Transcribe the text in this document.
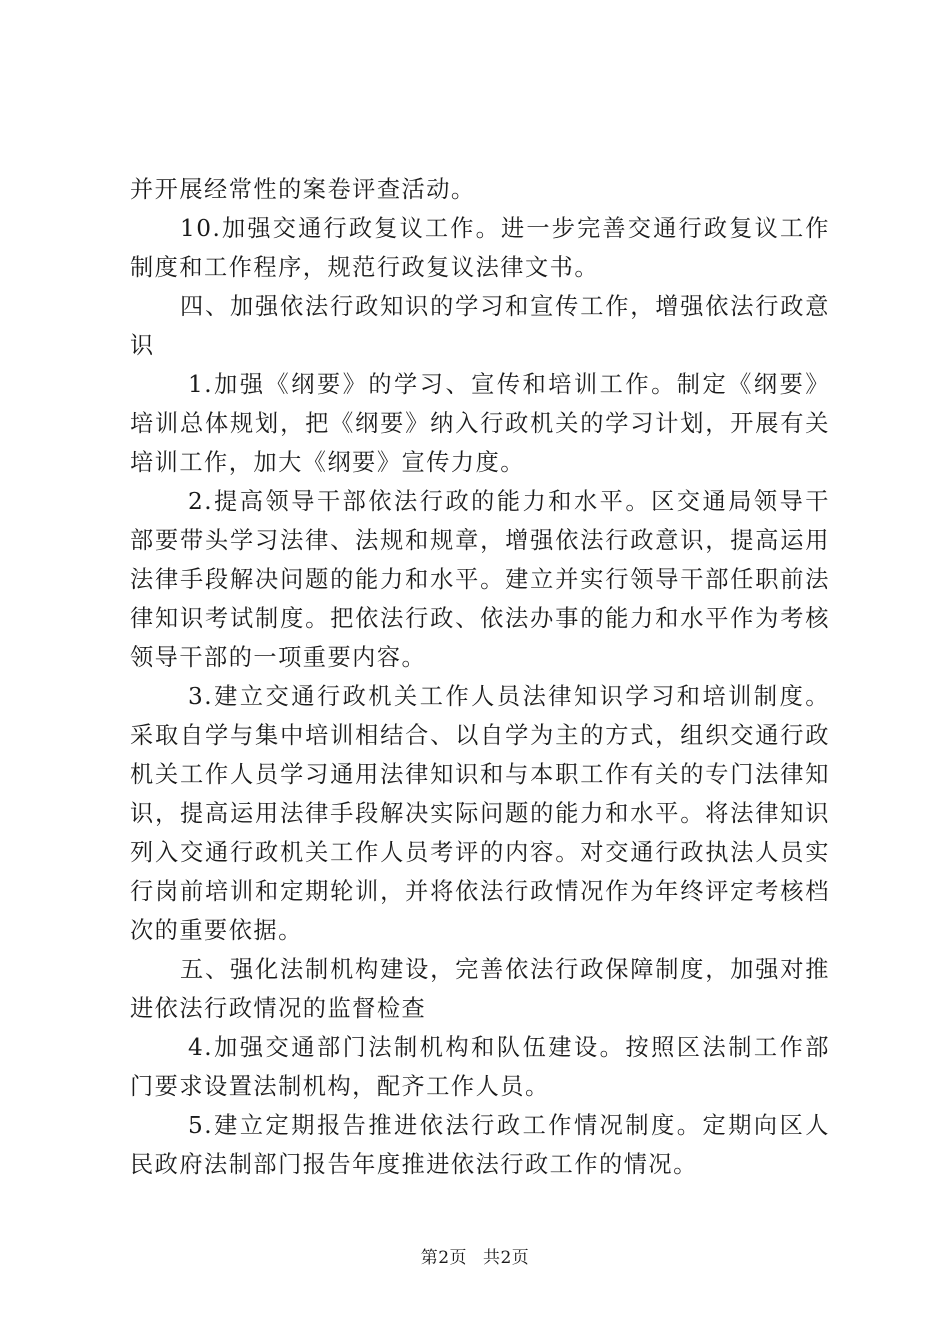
并开展经常性的案卷评查活动。

10.加强交通行政复议工作。进一步完善交通行政复议工作制度和工作程序，规范行政复议法律文书。

四、加强依法行政知识的学习和宣传工作，增强依法行政意识

1.加强《纲要》的学习、宣传和培训工作。制定《纲要》培训总体规划，把《纲要》纳入行政机关的学习计划，开展有关培训工作，加大《纲要》宣传力度。

2.提高领导干部依法行政的能力和水平。区交通局领导干部要带头学习法律、法规和规章，增强依法行政意识，提高运用法律手段解决问题的能力和水平。建立并实行领导干部任职前法律知识考试制度。把依法行政、依法办事的能力和水平作为考核领导干部的一项重要内容。

3.建立交通行政机关工作人员法律知识学习和培训制度。采取自学与集中培训相结合、以自学为主的方式，组织交通行政机关工作人员学习通用法律知识和与本职工作有关的专门法律知识，提高运用法律手段解决实际问题的能力和水平。将法律知识列入交通行政机关工作人员考评的内容。对交通行政执法人员实行岗前培训和定期轮训，并将依法行政情况作为年终评定考核档次的重要依据。

五、强化法制机构建设，完善依法行政保障制度，加强对推进依法行政情况的监督检查

4.加强交通部门法制机构和队伍建设。按照区法制工作部门要求设置法制机构，配齐工作人员。

5.建立定期报告推进依法行政工作情况制度。定期向区人民政府法制部门报告年度推进依法行政工作的情况。

第2页 共2页
